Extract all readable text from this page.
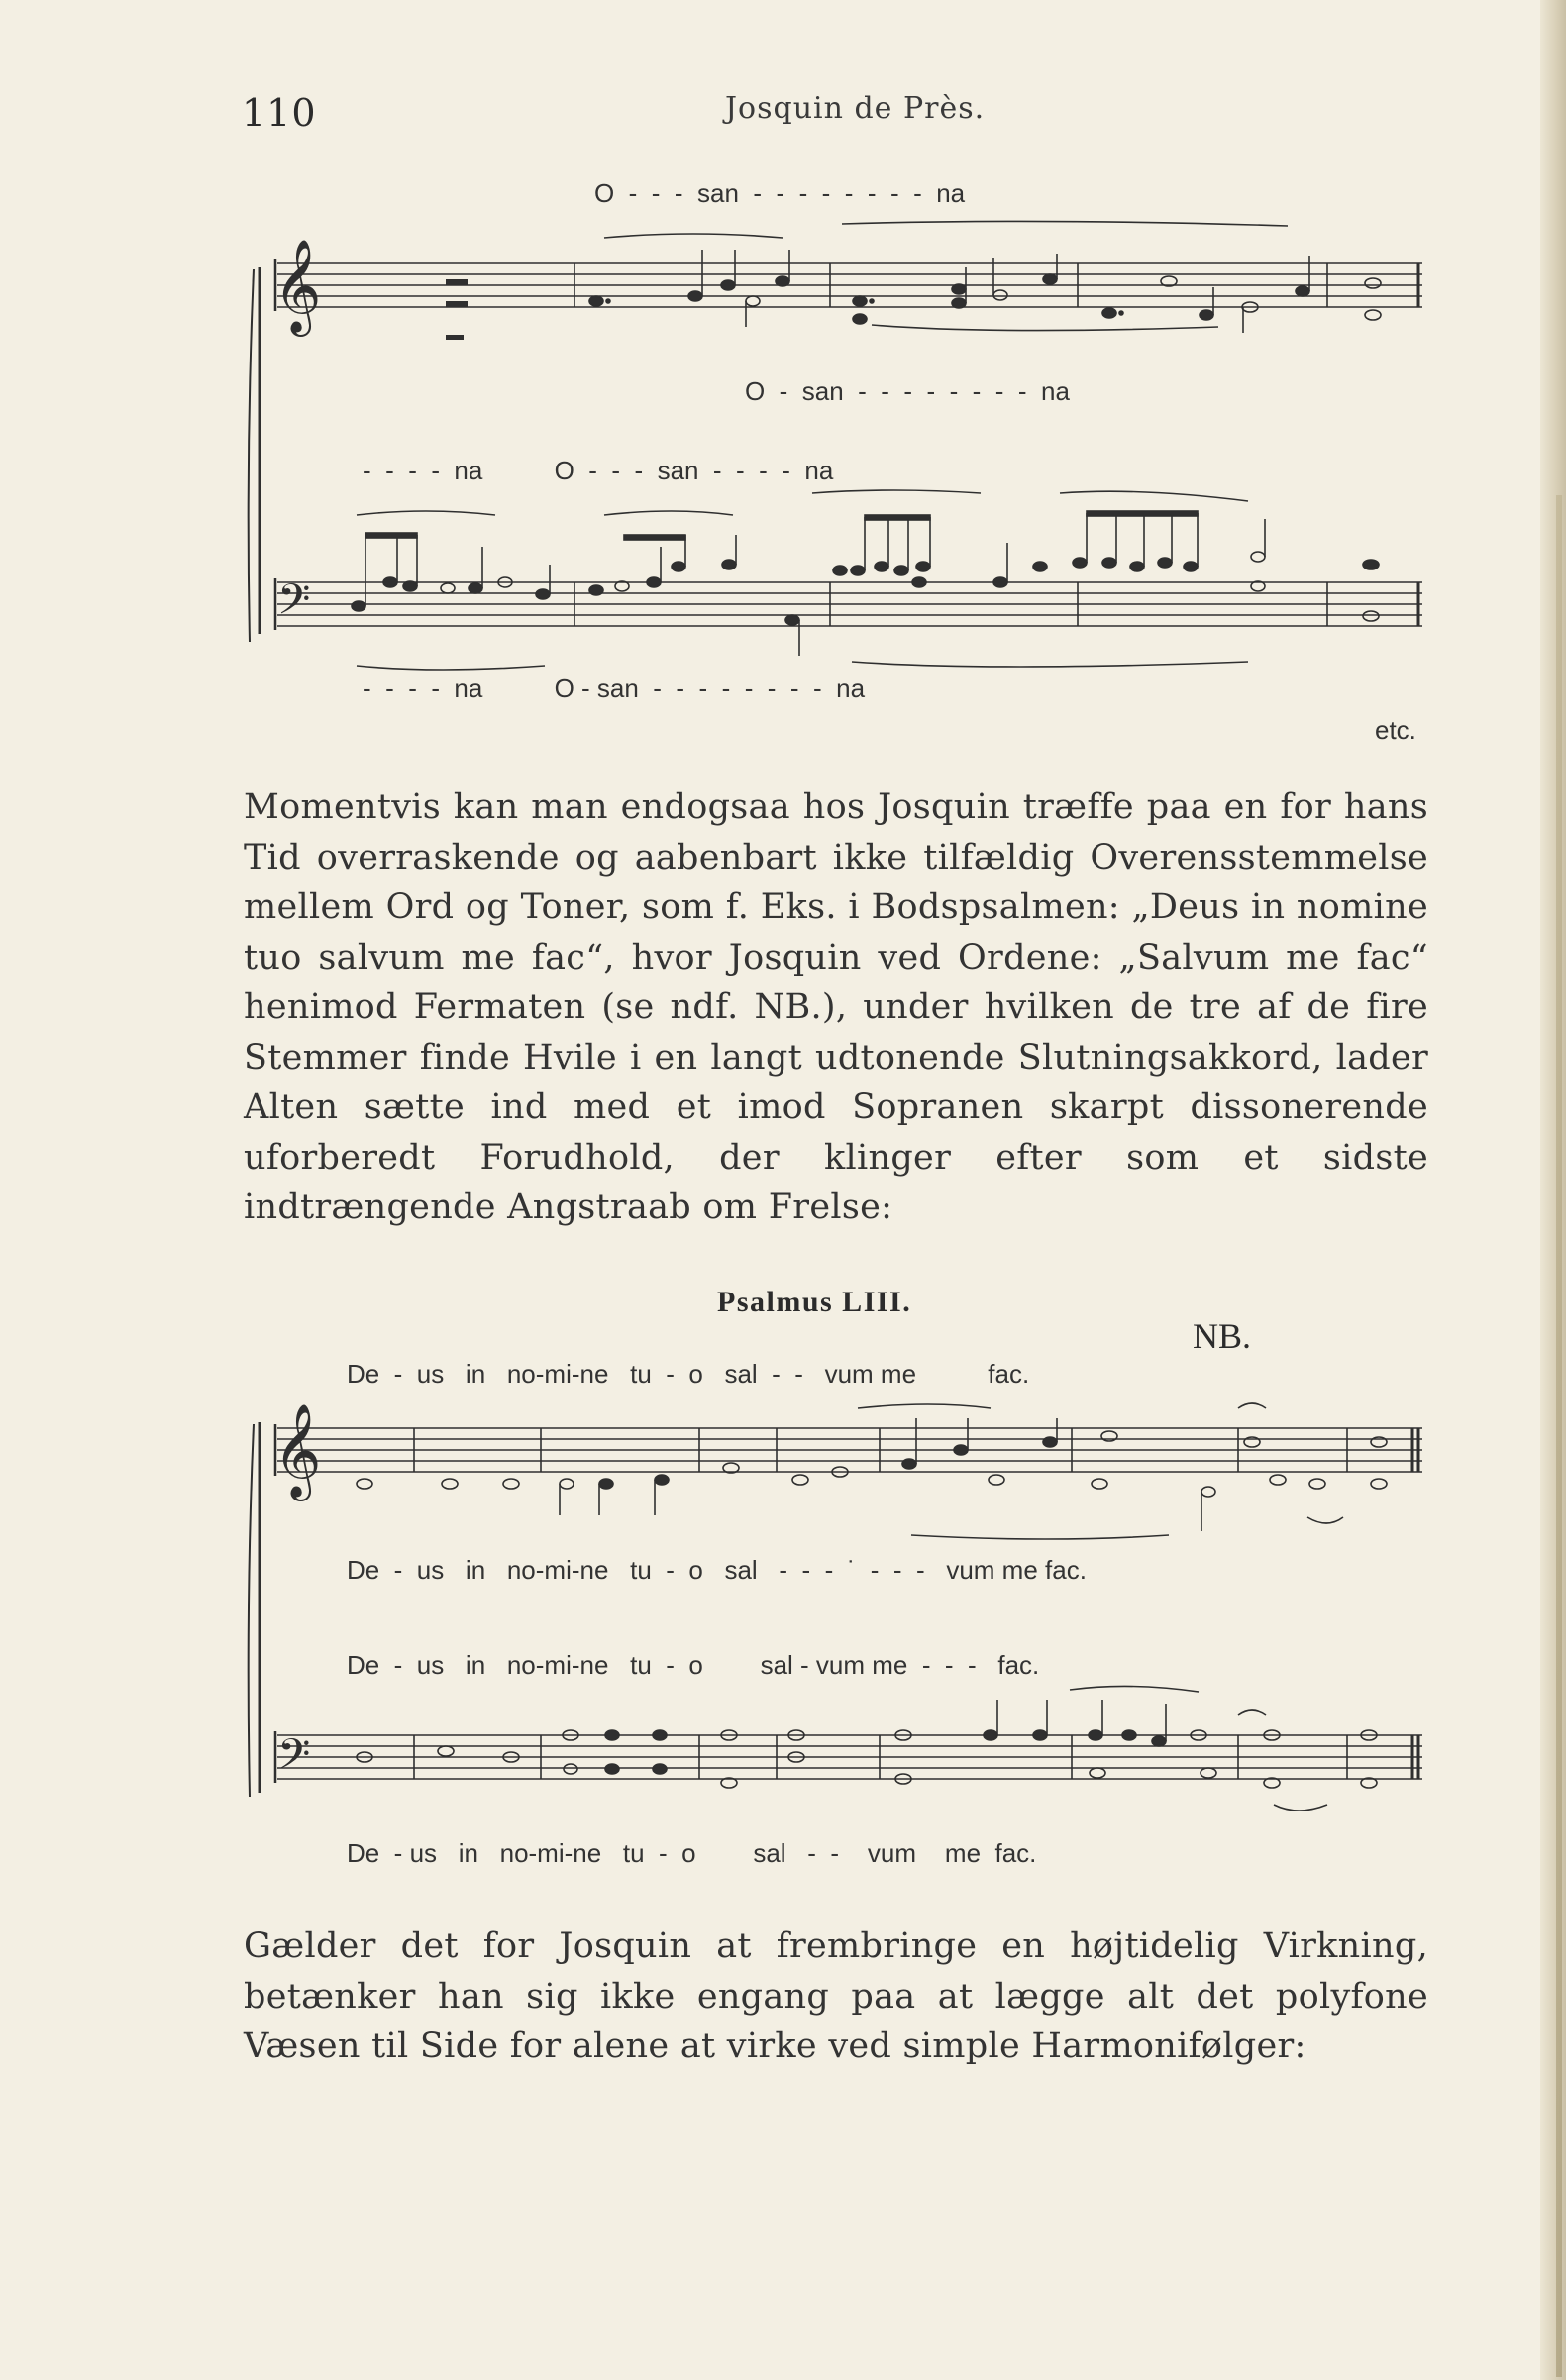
110	Josquin de Près.
O  -  -  -  san  -  -  -  -  -  -  -  -  na
O  -  san  -  -  -  -  -  -  -  -  na
-  -  -  -  na          O  -  -  -  san  -  -  -  -  na
-  -  -  -  na          O - san  -  -  -  -  -  -  -  -  na
etc.
𝄞
𝄢
Momentvis kan man endogsaa hos Josquin træffe paa en for hans Tid overraskende og aabenbart ikke tilfældig Overensstemmelse mellem Ord og Toner, som f. Eks. i Bodspsalmen: „Deus in nomine tuo salvum me fac“, hvor Josquin ved Ordene: „Salvum me fac“ henimod Fermaten (se ndf. NB.), under hvilken de tre af de fire Stemmer finde Hvile i en langt udtonende Slutningsakkord, lader Alten sætte ind med et imod Sopranen skarpt dissonerende uforberedt Forudhold, der klinger efter som et sidste indtrængende Angstraab om Frelse:
Psalmus LIII.
NB.
De  -  us   in   no-mi-ne   tu  -  o   sal  -  -   vum me          fac.
De  -  us   in   no-mi-ne   tu  -  o   sal   -  -  -  ˙  -  -  -   vum me fac.
De  -  us   in   no-mi-ne   tu  -  o        sal - vum me  -  -  -   fac.
De  - us   in   no-mi-ne   tu  -  o        sal   -  -    vum    me  fac.
𝄞
𝄢
Gælder det for Josquin at frembringe en højtidelig Virkning, betænker han sig ikke engang paa at lægge alt det polyfone Væsen til Side for alene at virke ved simple Harmonifølger:
